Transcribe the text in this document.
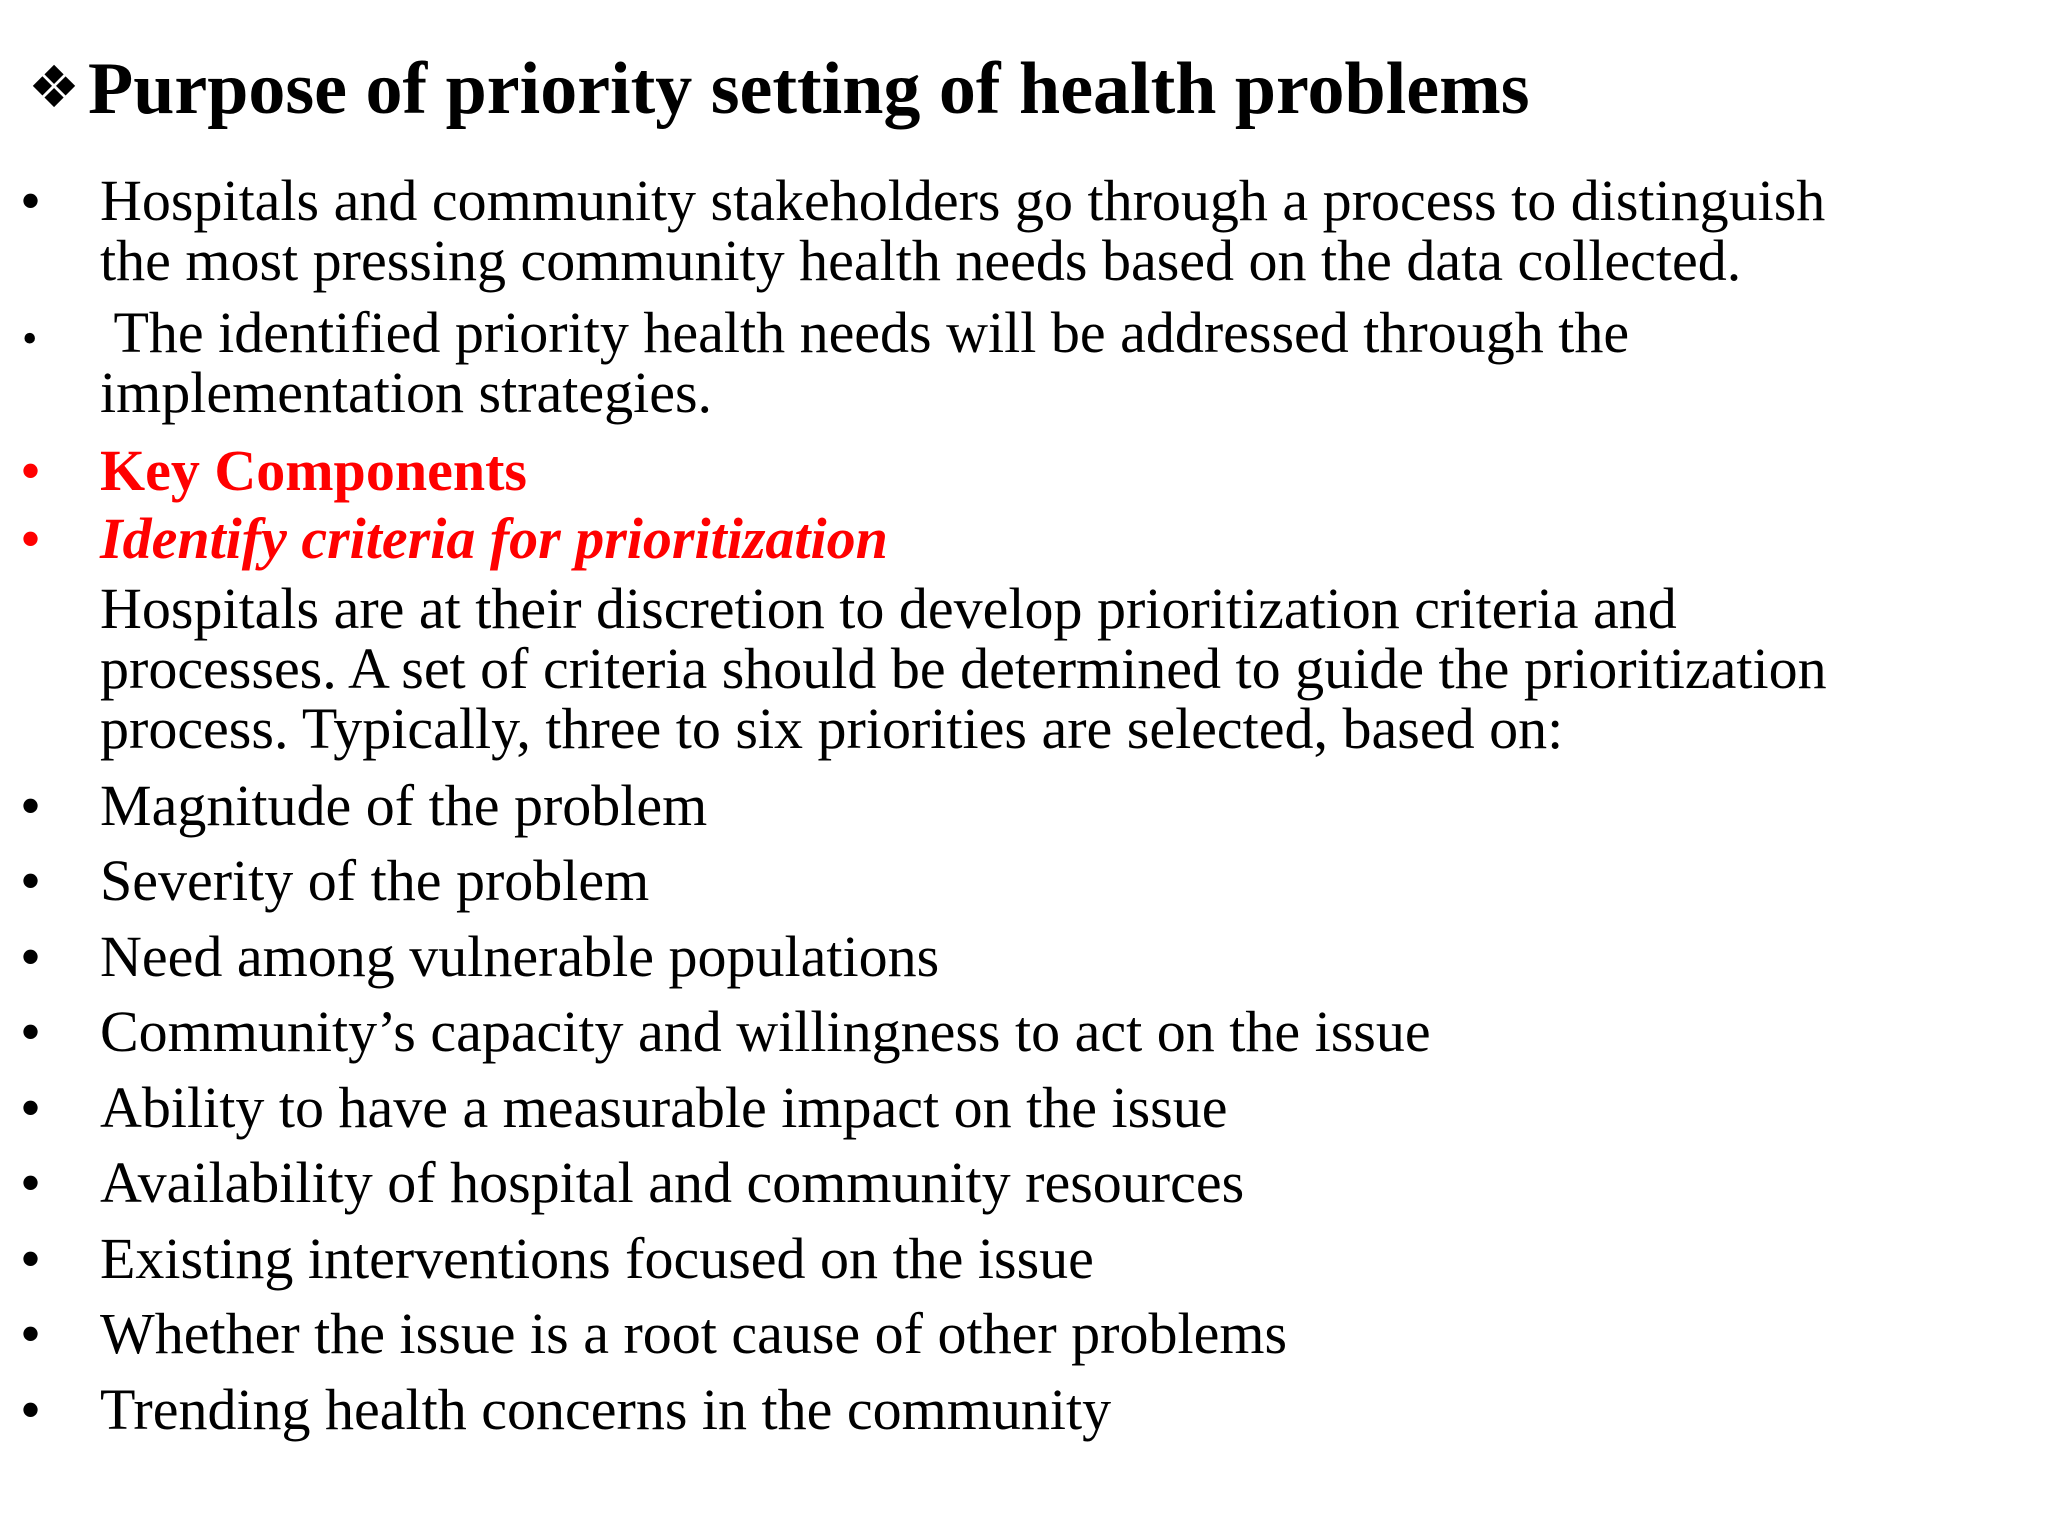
❖ Purpose of priority setting of health problems
• Hospitals and community stakeholders go through a process to distinguish
the most pressing community health needs based on the data collected.
• The identified priority health needs will be addressed through the
implementation strategies.
• Key Components
• Identify criteria for prioritization
Hospitals are at their discretion to develop prioritization criteria and
processes. A set of criteria should be determined to guide the prioritization
process. Typically, three to six priorities are selected, based on:
• Magnitude of the problem
• Severity of the problem
• Need among vulnerable populations
• Community’s capacity and willingness to act on the issue
• Ability to have a measurable impact on the issue
• Availability of hospital and community resources
• Existing interventions focused on the issue
• Whether the issue is a root cause of other problems
• Trending health concerns in the community
